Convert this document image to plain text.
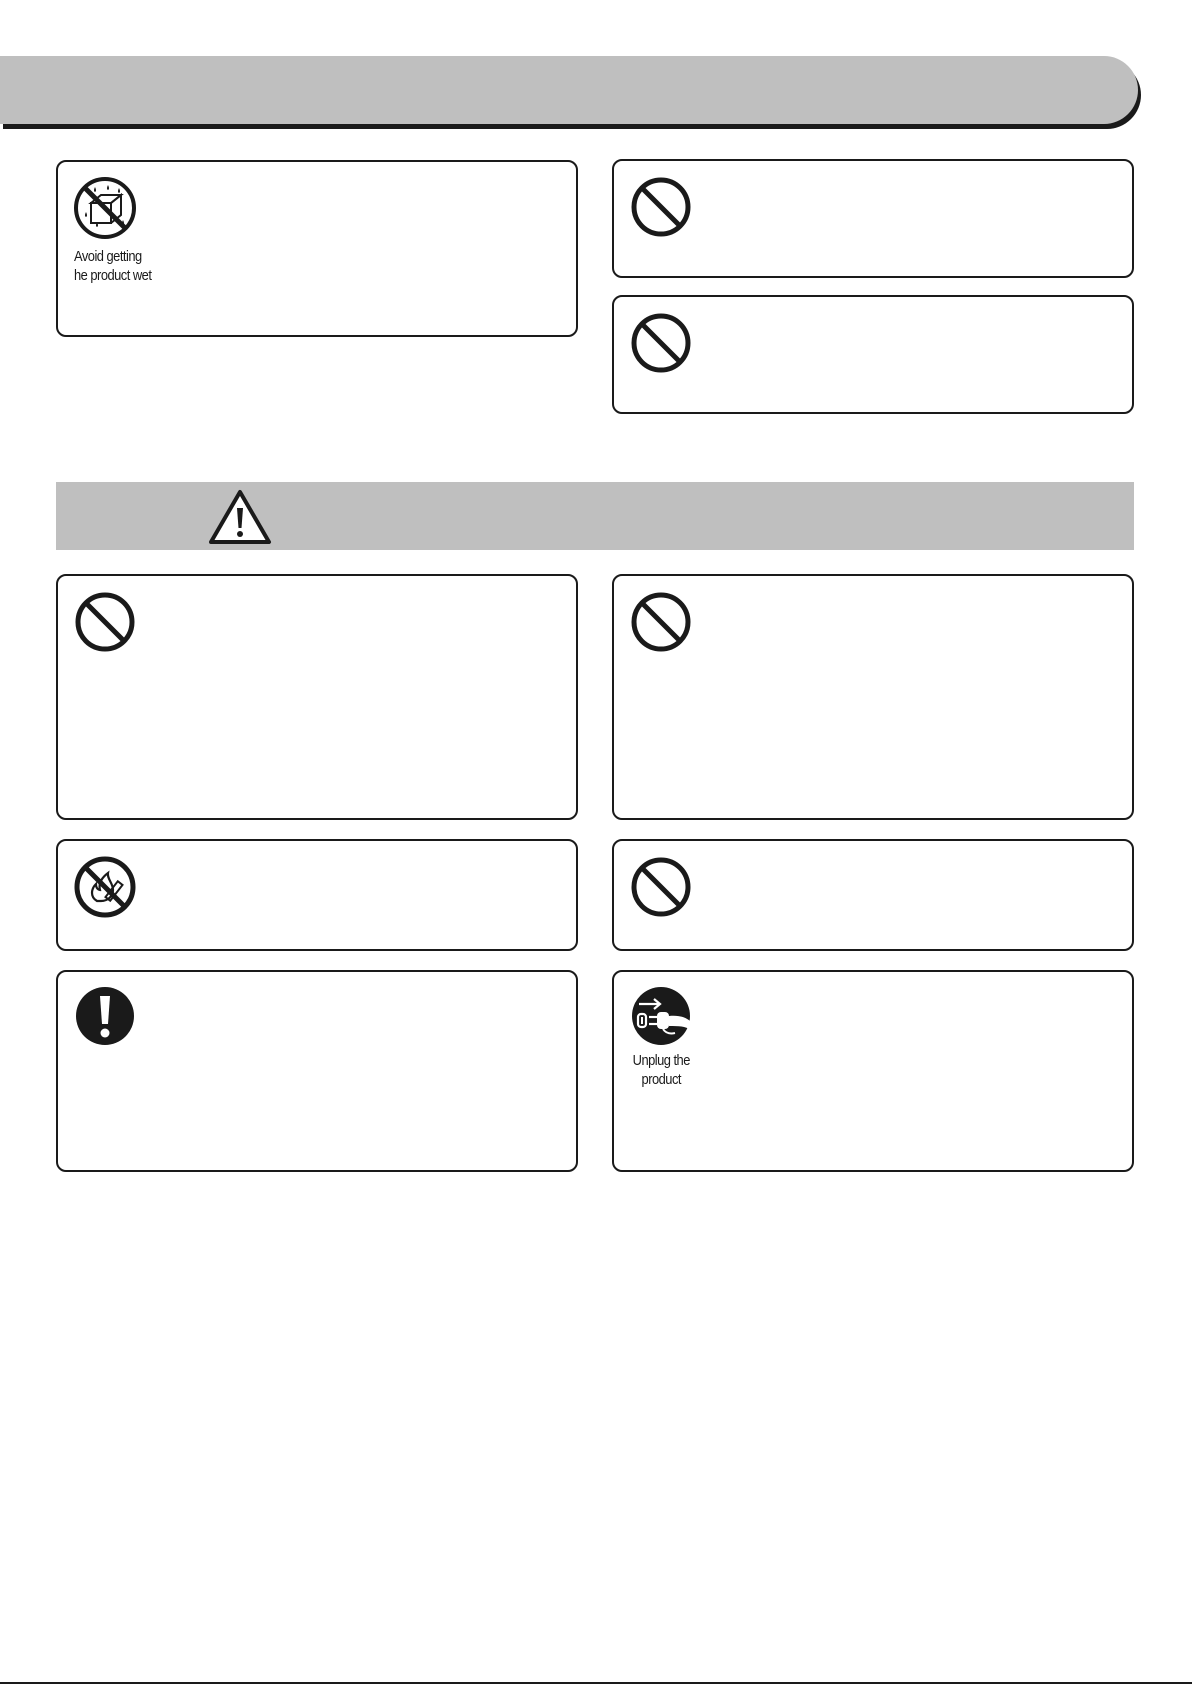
Avoid getting
he product wet
Unplug the
product
